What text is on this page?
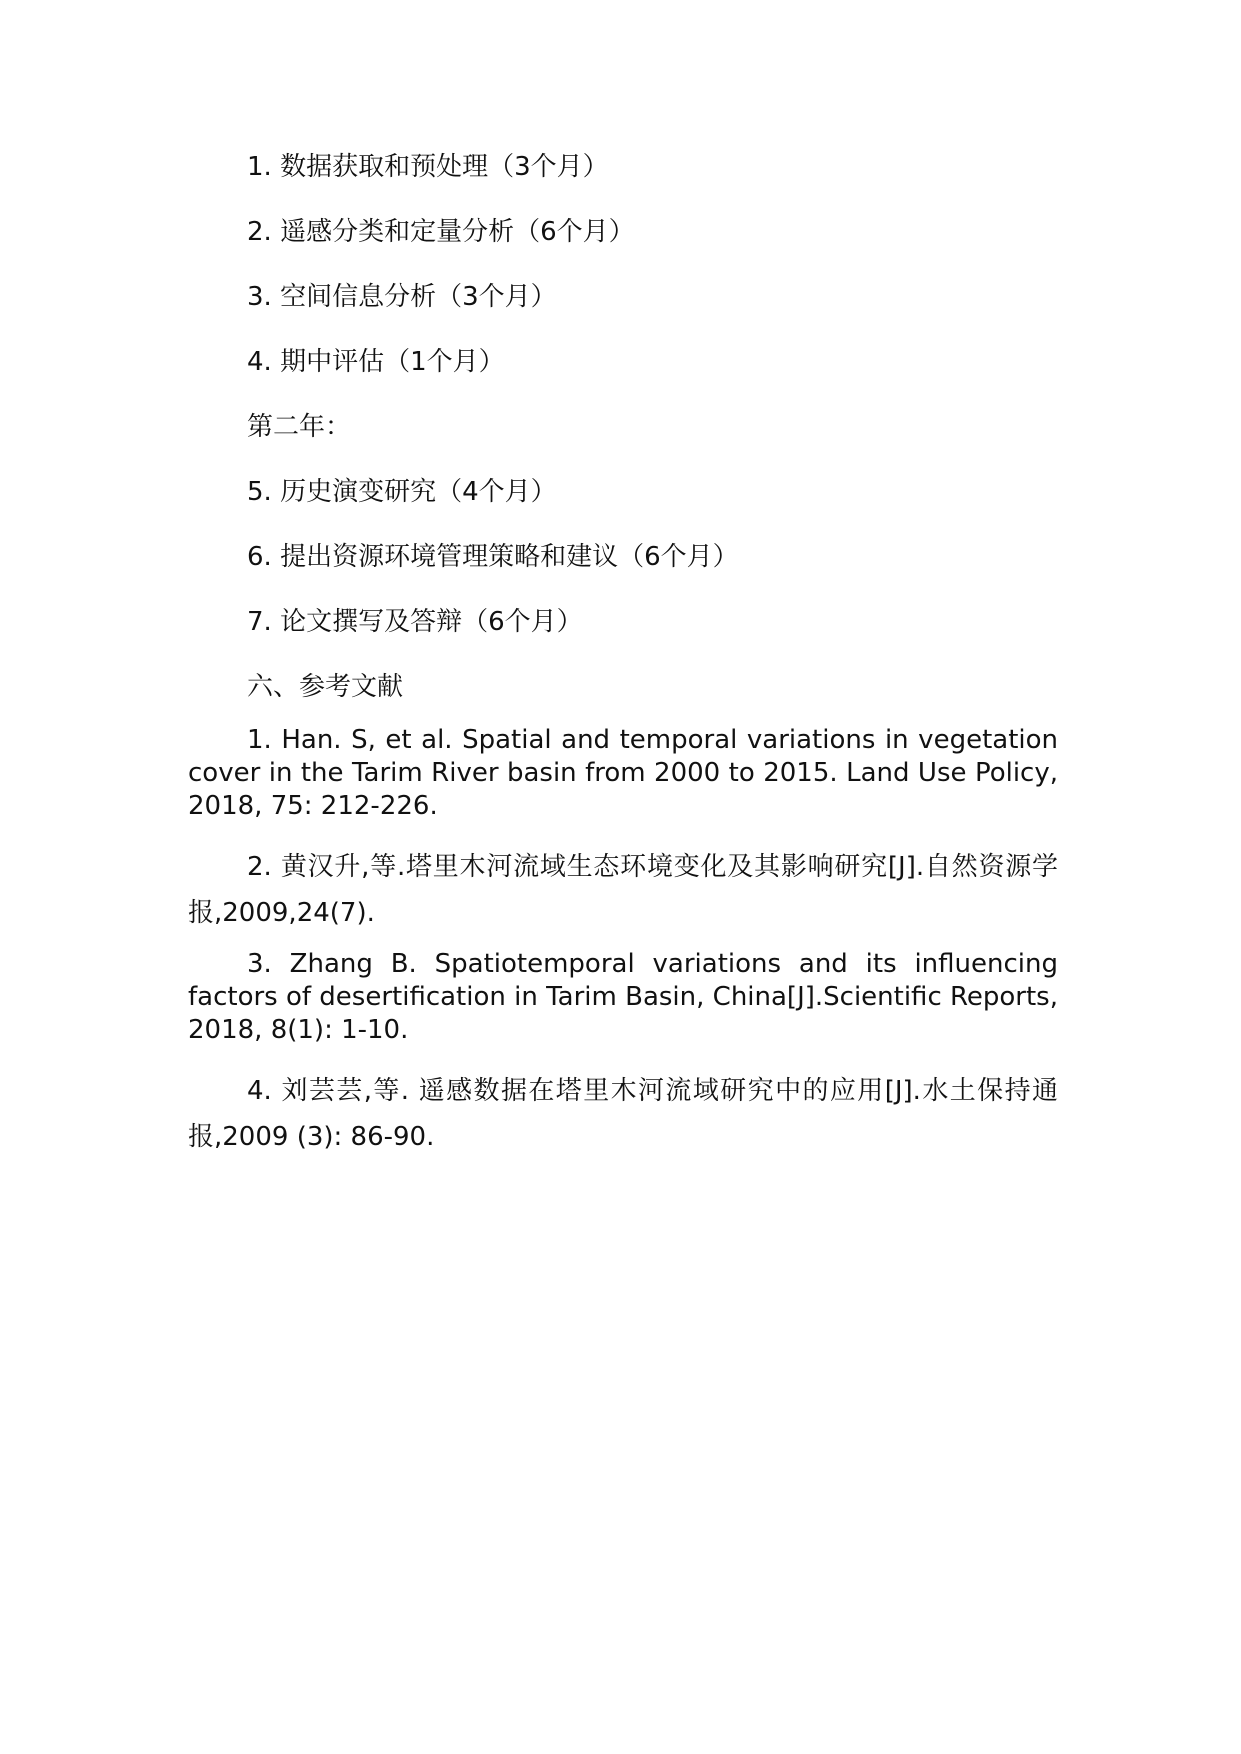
1. 数据获取和预处理（3个月）

2. 遥感分类和定量分析（6个月）

3. 空间信息分析（3个月）

4. 期中评估（1个月）

第二年：

5. 历史演变研究（4个月）

6. 提出资源环境管理策略和建议（6个月）

7. 论文撰写及答辩（6个月）

六、参考文献

1. Han. S, et al. Spatial and temporal variations in vegetation cover in the Tarim River basin from 2000 to 2015. Land Use Policy, 2018, 75: 212-226.

2. 黄汉升,等.塔里木河流域生态环境变化及其影响研究[J].自然资源学报,2009,24(7).

3. Zhang B. Spatiotemporal variations and its influencing factors of desertification in Tarim Basin, China[J].Scientific Reports, 2018, 8(1): 1-10.

4. 刘芸芸,等. 遥感数据在塔里木河流域研究中的应用[J].水土保持通报,2009 (3): 86-90.
